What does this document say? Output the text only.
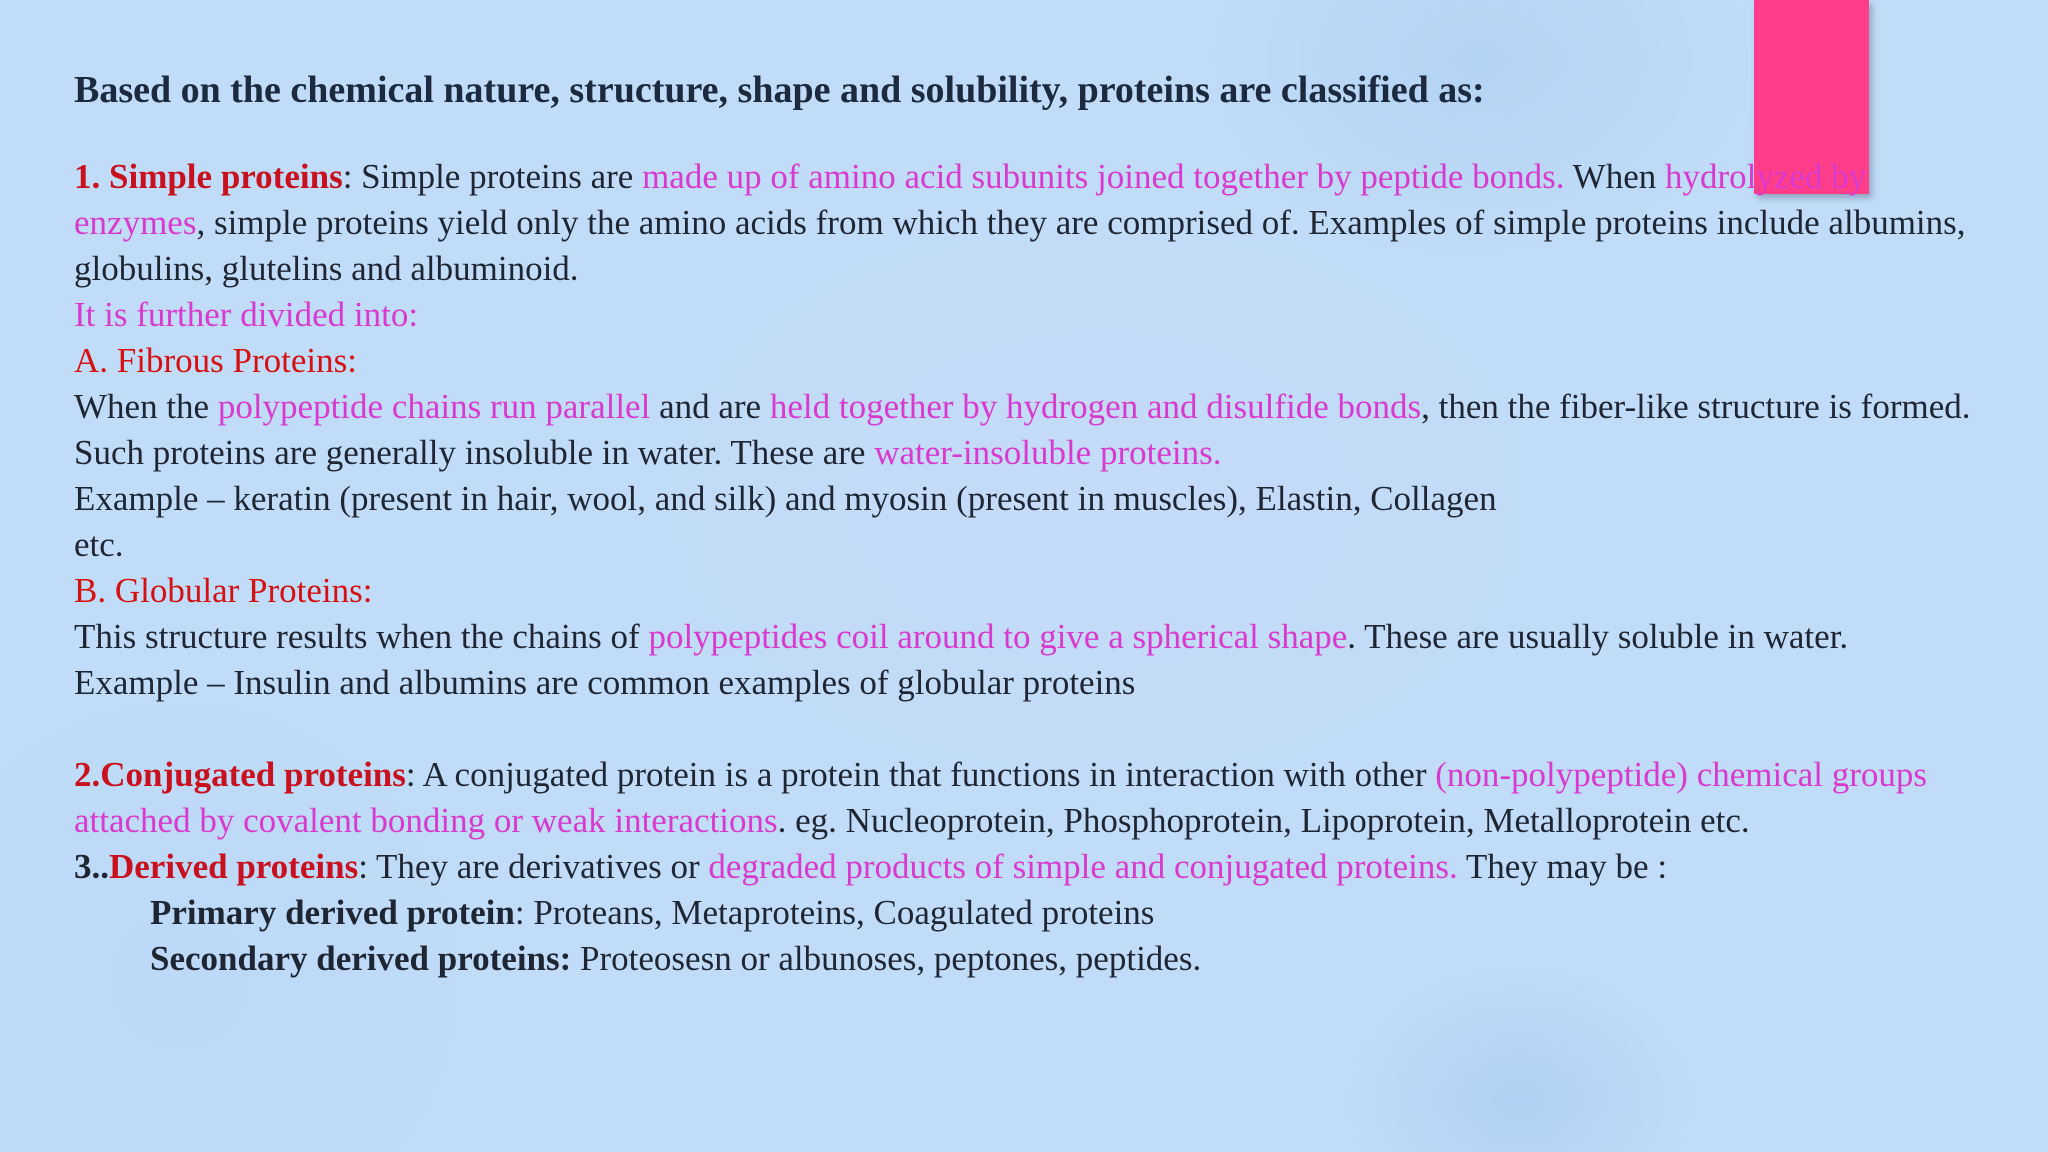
Based on the chemical nature, structure, shape and solubility, proteins are classified as:

1. Simple proteins: Simple proteins are made up of amino acid subunits joined together by peptide bonds. When hydrolyzed by enzymes, simple proteins yield only the amino acids from which they are comprised of. Examples of simple proteins include albumins, globulins, glutelins and albuminoid.

It is further divided into:

A. Fibrous Proteins:

When the polypeptide chains run parallel and are held together by hydrogen and disulfide bonds, then the fiber-like structure is formed. Such proteins are generally insoluble in water. These are water-insoluble proteins.

Example – keratin (present in hair, wool, and silk) and myosin (present in muscles), Elastin, Collagen

etc.

B. Globular Proteins:

This structure results when the chains of polypeptides coil around to give a spherical shape. These are usually soluble in water.

Example – Insulin and albumins are common examples of globular proteins

2.Conjugated proteins: A conjugated protein is a protein that functions in interaction with other (non-polypeptide) chemical groups attached by covalent bonding or weak interactions. eg. Nucleoprotein, Phosphoprotein, Lipoprotein, Metalloprotein etc.

3..Derived proteins: They are derivatives or degraded products of simple and conjugated proteins. They may be :

Primary derived protein: Proteans, Metaproteins, Coagulated proteins

Secondary derived proteins: Proteosesn or albunoses, peptones, peptides.
